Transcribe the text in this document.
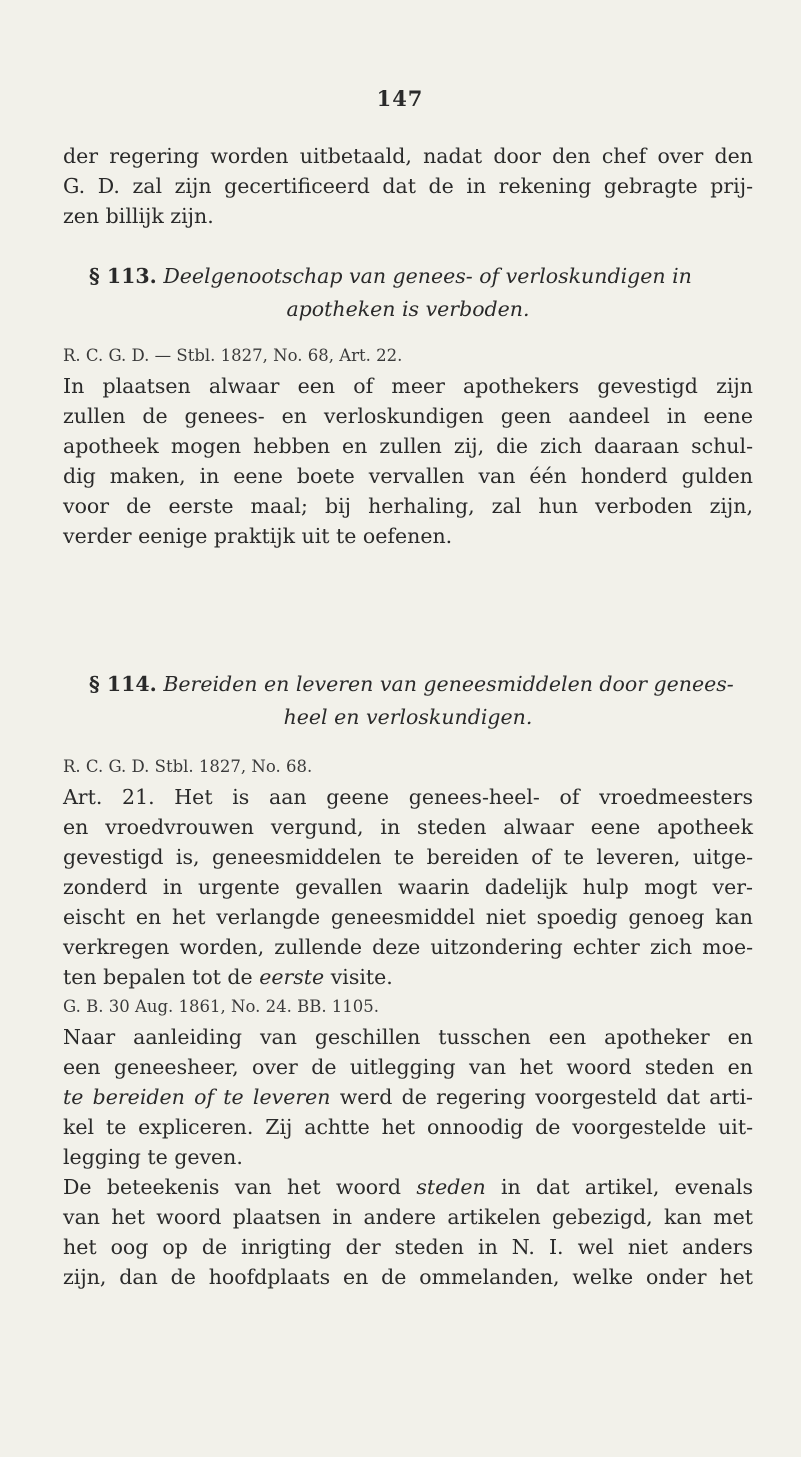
147
der regering worden uitbetaald, nadat door den chef over den
G. D. zal zijn gecertificeerd dat de in rekening gebragte prij-
zen billijk zijn.
§ 113. Deelgenootschap van genees- of verloskundigen in
apotheken is verboden.
R. C. G. D. — Stbl. 1827, No. 68, Art. 22.
In plaatsen alwaar een of meer apothekers gevestigd zijn
zullen de genees- en verloskundigen geen aandeel in eene
apotheek mogen hebben en zullen zij, die zich daaraan schul-
dig maken, in eene boete vervallen van één honderd gulden
voor de eerste maal; bij herhaling, zal hun verboden zijn,
verder eenige praktijk uit te oefenen.
§ 114. Bereiden en leveren van geneesmiddelen door genees-
heel en verloskundigen.
R. C. G. D. Stbl. 1827, No. 68.
Art. 21. Het is aan geene genees-heel- of vroedmeesters
en vroedvrouwen vergund, in steden alwaar eene apotheek
gevestigd is, geneesmiddelen te bereiden of te leveren, uitge-
zonderd in urgente gevallen waarin dadelijk hulp mogt ver-
eischt en het verlangde geneesmiddel niet spoedig genoeg kan
verkregen worden, zullende deze uitzondering echter zich moe-
ten bepalen tot de eerste visite.
G. B. 30 Aug. 1861, No. 24. BB. 1105.
Naar aanleiding van geschillen tusschen een apotheker en
een geneesheer, over de uitlegging van het woord steden en
te bereiden of te leveren werd de regering voorgesteld dat arti-
kel te expliceren. Zij achtte het onnoodig de voorgestelde uit-
legging te geven.
De beteekenis van het woord steden in dat artikel, evenals
van het woord plaatsen in andere artikelen gebezigd, kan met
het oog op de inrigting der steden in N. I. wel niet anders
zijn, dan de hoofdplaats en de ommelanden, welke onder het
